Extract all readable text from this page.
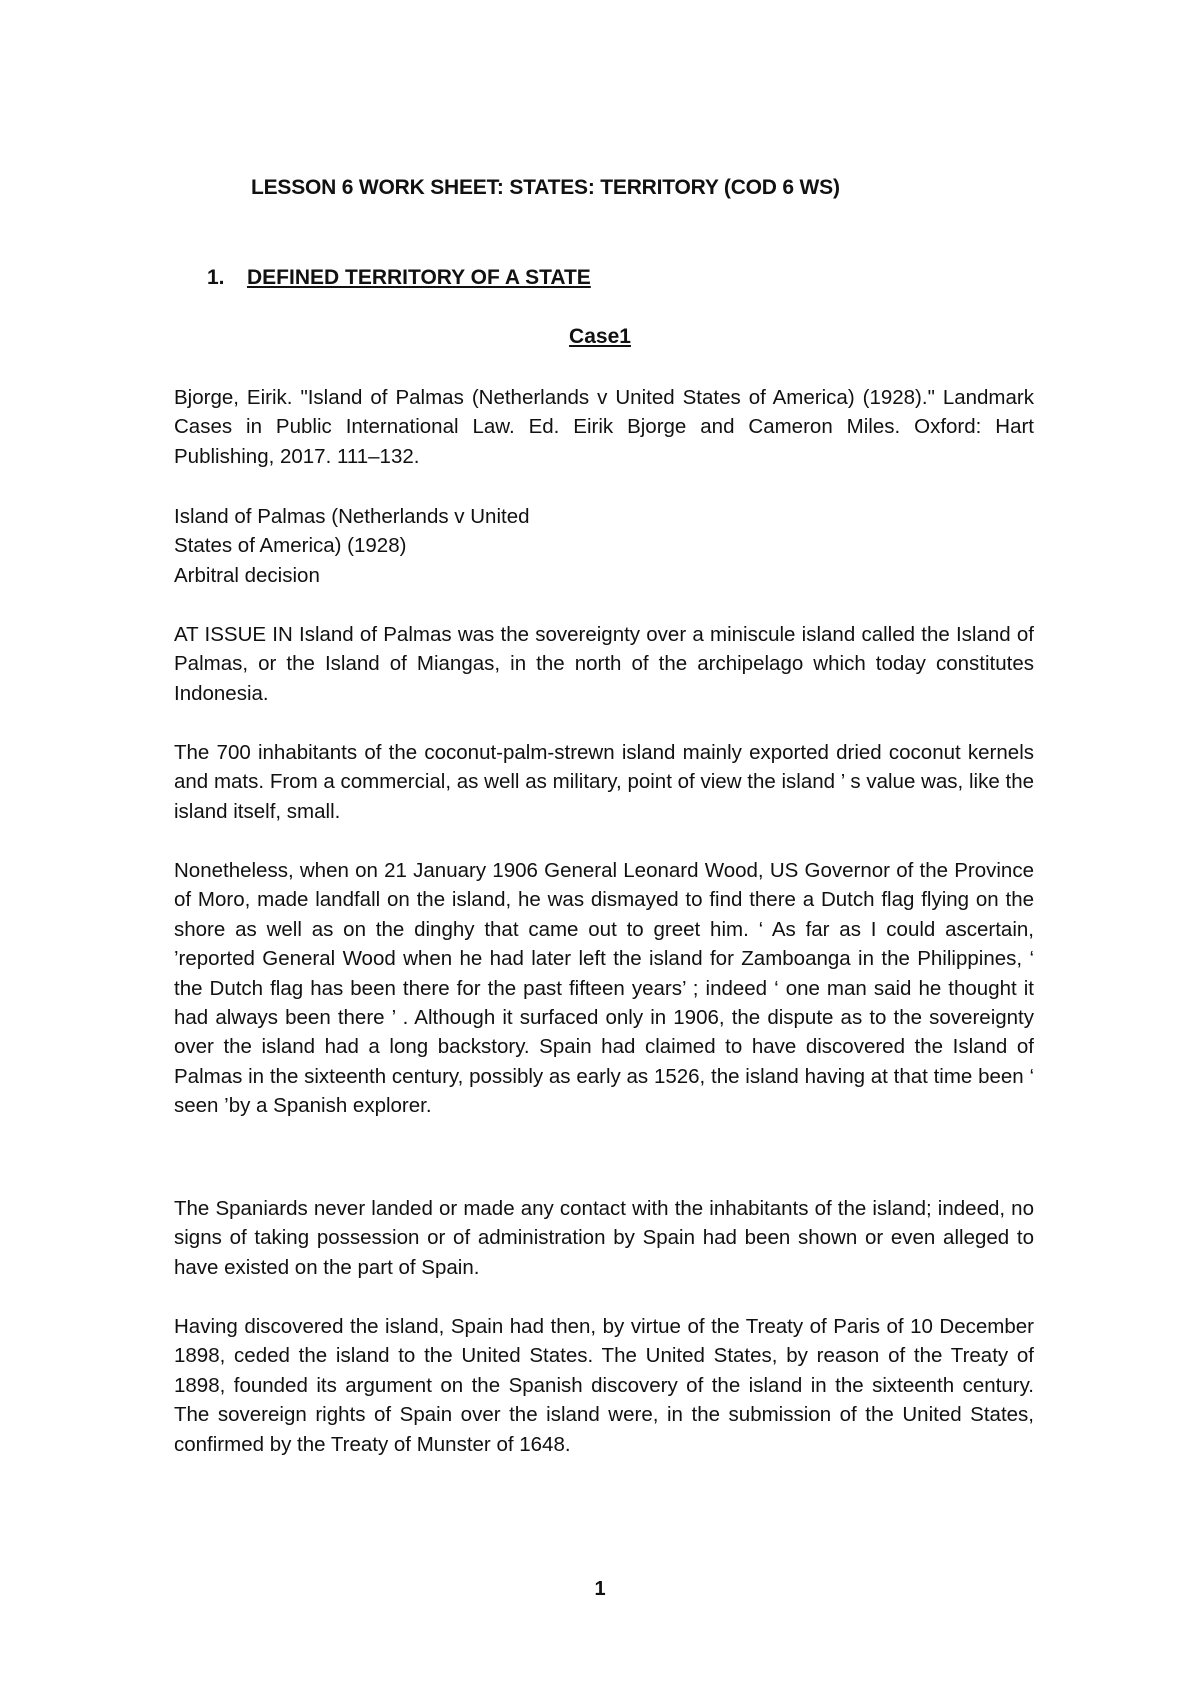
LESSON 6 WORK SHEET: STATES: TERRITORY (COD 6 WS)
1. DEFINED TERRITORY OF A STATE
Case1

Bjorge, Eirik. "Island of Palmas (Netherlands v United States of America) (1928)." Landmark Cases in Public International Law. Ed. Eirik Bjorge and Cameron Miles. Oxford: Hart Publishing, 2017. 111–132.

Island of Palmas (Netherlands v United
States of America) (1928)
Arbitral decision

AT ISSUE IN Island of Palmas was the sovereignty over a miniscule island called the Island of Palmas, or the Island of Miangas, in the north of the archipelago which today constitutes Indonesia.

The 700 inhabitants of the coconut-palm-strewn island mainly exported dried coconut kernels and mats. From a commercial, as well as military, point of view the island ’ s value was, like the island itself, small.

Nonetheless, when on 21 January 1906 General Leonard Wood, US Governor of the Province of Moro, made landfall on the island, he was dismayed to find there a Dutch flag flying on the shore as well as on the dinghy that came out to greet him. ‘ As far as I could ascertain, ’reported General Wood when he had later left the island for Zamboanga in the Philippines, ‘ the Dutch flag has been there for the past fifteen years’ ; indeed ‘ one man said he thought it had always been there ’ . Although it surfaced only in 1906, the dispute as to the sovereignty over the island had a long backstory. Spain had claimed to have discovered the Island of Palmas in the sixteenth century, possibly as early as 1526, the island having at that time been ‘ seen ’by a Spanish explorer.

The Spaniards never landed or made any contact with the inhabitants of the island; indeed, no signs of taking possession or of administration by Spain had been shown or even alleged to have existed on the part of Spain.

Having discovered the island, Spain had then, by virtue of the Treaty of Paris of 10 December 1898, ceded the island to the United States. The United States, by reason of the Treaty of 1898, founded its argument on the Spanish discovery of the island in the sixteenth century. The sovereign rights of Spain over the island were, in the submission of the United States, confirmed by the Treaty of Munster of 1648.

1
